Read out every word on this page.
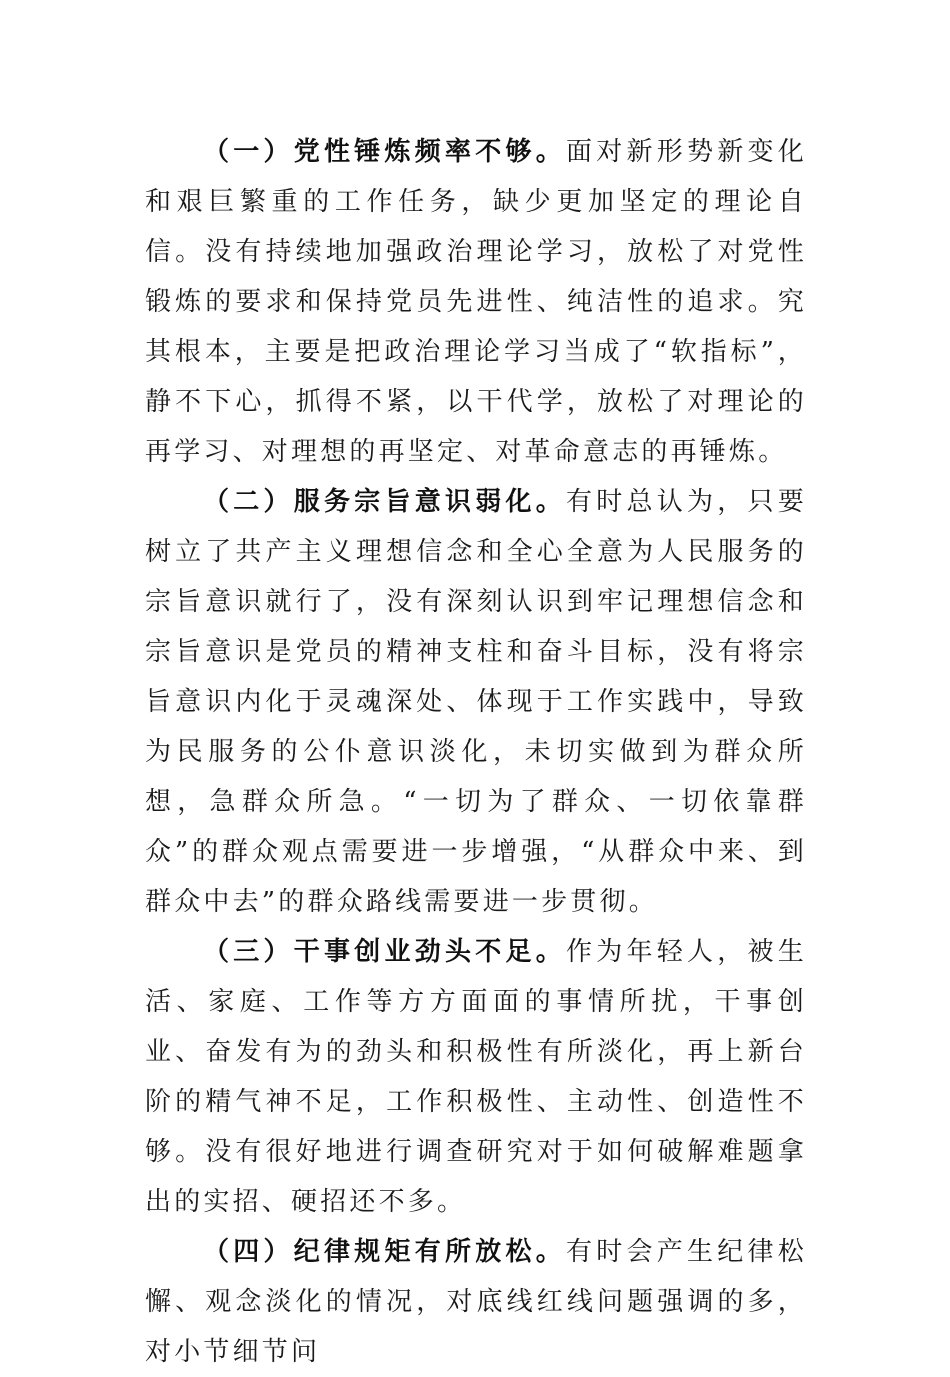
（一）党性锤炼频率不够。面对新形势新变化和艰巨繁重的工作任务，缺少更加坚定的理论自信。没有持续地加强政治理论学习，放松了对党性锻炼的要求和保持党员先进性、纯洁性的追求。究其根本，主要是把政治理论学习当成了“软指标”，静不下心，抓得不紧，以干代学，放松了对理论的再学习、对理想的再坚定、对革命意志的再锤炼。

（二）服务宗旨意识弱化。有时总认为，只要树立了共产主义理想信念和全心全意为人民服务的宗旨意识就行了，没有深刻认识到牢记理想信念和宗旨意识是党员的精神支柱和奋斗目标，没有将宗旨意识内化于灵魂深处、体现于工作实践中，导致为民服务的公仆意识淡化，未切实做到为群众所想，急群众所急。“一切为了群众、一切依靠群众”的群众观点需要进一步增强，“从群众中来、到群众中去”的群众路线需要进一步贯彻。

（三）干事创业劲头不足。作为年轻人，被生活、家庭、工作等方方面面的事情所扰，干事创业、奋发有为的劲头和积极性有所淡化，再上新台阶的精气神不足，工作积极性、主动性、创造性不够。没有很好地进行调查研究对于如何破解难题拿出的实招、硬招还不多。

（四）纪律规矩有所放松。有时会产生纪律松懈、观念淡化的情况，对底线红线问题强调的多，对小节细节问
